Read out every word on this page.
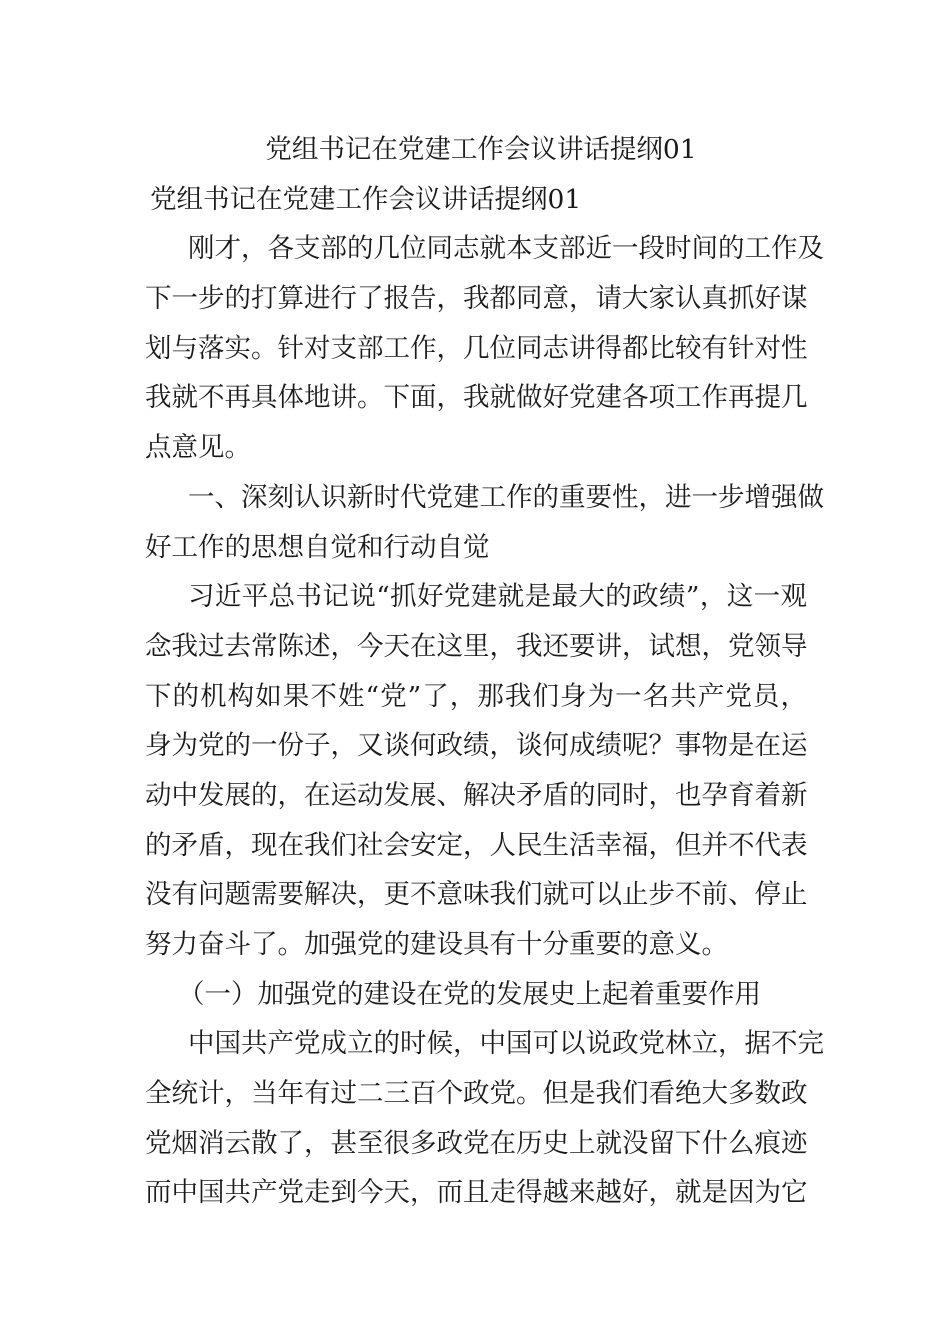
党组书记在党建工作会议讲话提纲01
党组书记在党建工作会议讲话提纲01
刚才，各支部的几位同志就本支部近一段时间的工作及
下一步的打算进行了报告，我都同意，请大家认真抓好谋
划与落实。针对支部工作，几位同志讲得都比较有针对性
我就不再具体地讲。下面，我就做好党建各项工作再提几
点意见。
一、深刻认识新时代党建工作的重要性，进一步增强做
好工作的思想自觉和行动自觉
习近平总书记说“抓好党建就是最大的政绩”，这一观
念我过去常陈述，今天在这里，我还要讲，试想，党领导
下的机构如果不姓“党”了，那我们身为一名共产党员，
身为党的一份子，又谈何政绩，谈何成绩呢？事物是在运
动中发展的，在运动发展、解决矛盾的同时，也孕育着新
的矛盾，现在我们社会安定，人民生活幸福，但并不代表
没有问题需要解决，更不意味我们就可以止步不前、停止
努力奋斗了。加强党的建设具有十分重要的意义。
（一）加强党的建设在党的发展史上起着重要作用
中国共产党成立的时候，中国可以说政党林立，据不完
全统计，当年有过二三百个政党。但是我们看绝大多数政
党烟消云散了，甚至很多政党在历史上就没留下什么痕迹
而中国共产党走到今天，而且走得越来越好，就是因为它
